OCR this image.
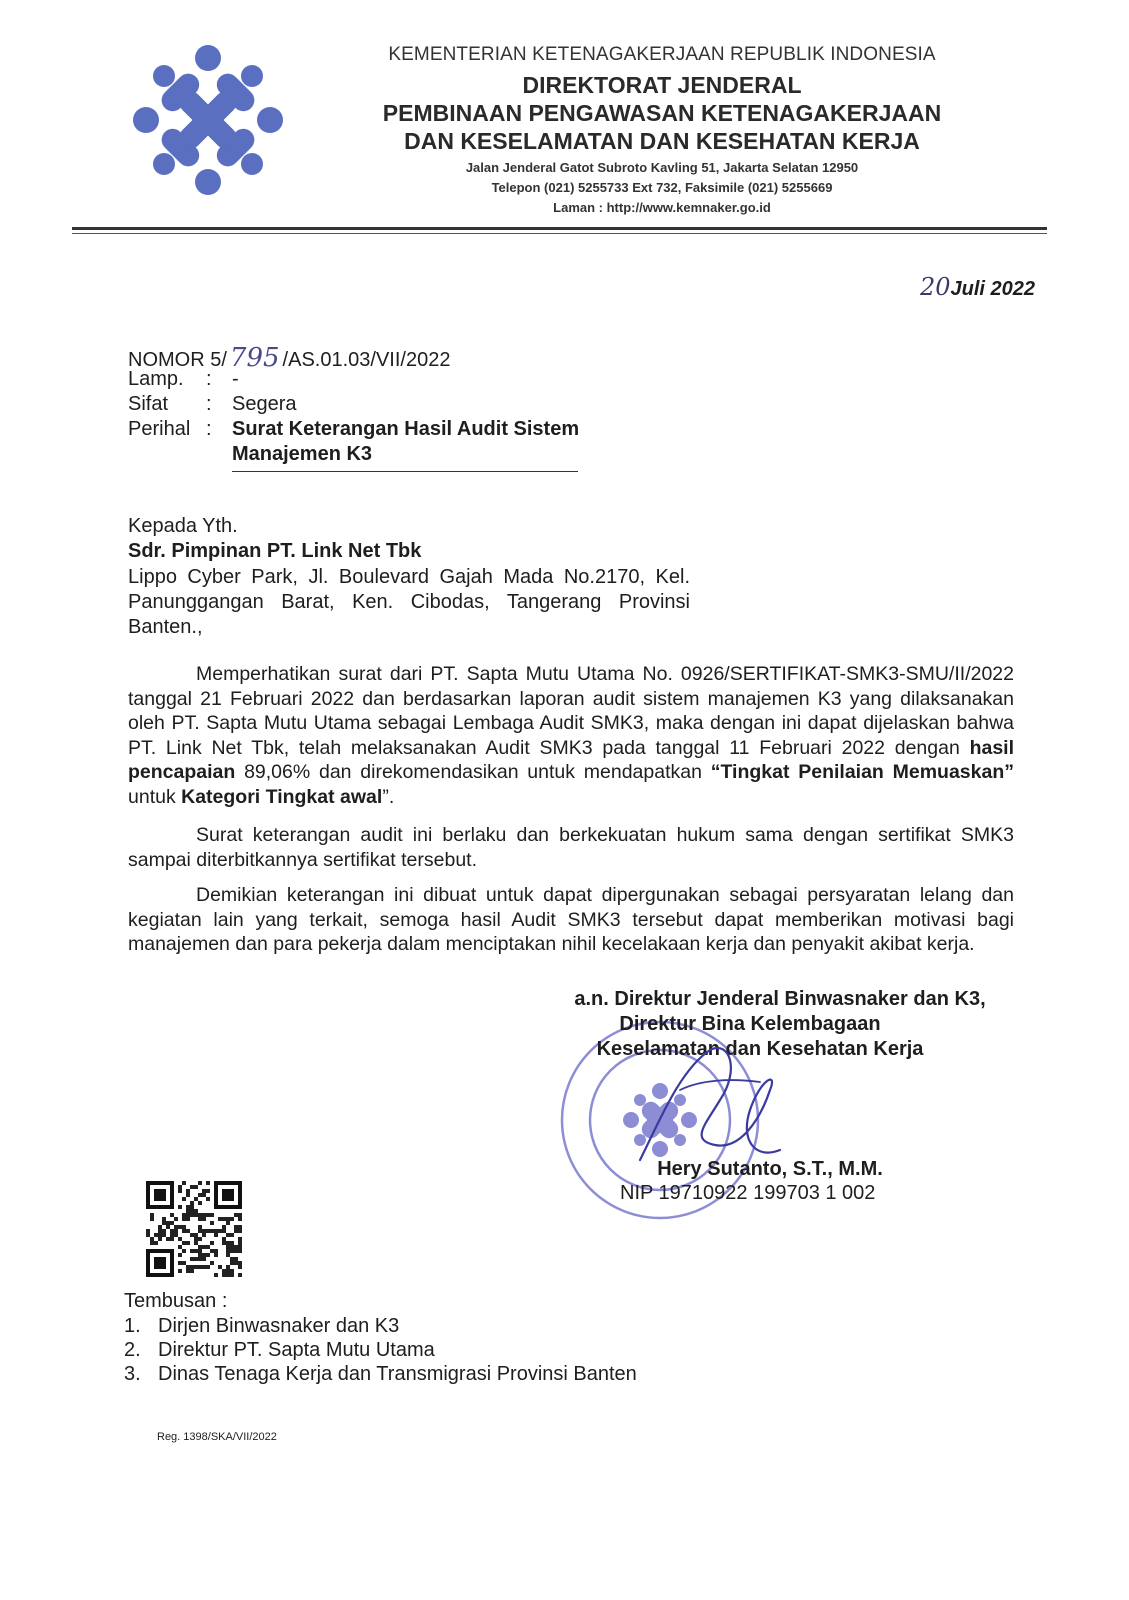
KEMENTERIAN KETENAGAKERJAAN REPUBLIK INDONESIA
DIREKTORAT JENDERAL
PEMBINAAN PENGAWASAN KETENAGAKERJAAN
DAN KESELAMATAN DAN KESEHATAN KERJA
Jalan Jenderal Gatot Subroto Kavling 51, Jakarta Selatan 12950
Telepon (021) 5255733 Ext 732, Faksimile (021) 5255669
Laman : http://www.kemnaker.go.id
20Juli 2022
NOMOR 5/ 795 /AS.01.03/VII/2022
Lamp. : -
Sifat : Segera
Perihal : Surat Keterangan Hasil Audit Sistem
Manajemen K3
Kepada Yth.
Sdr. Pimpinan PT. Link Net Tbk
Lippo Cyber Park, Jl. Boulevard Gajah Mada No.2170, Kel.
Panunggangan Barat, Ken. Cibodas, Tangerang Provinsi
Banten.,

Memperhatikan surat dari PT. Sapta Mutu Utama No. 0926/SERTIFIKAT-SMK3-SMU/II/2022 tanggal 21 Februari 2022 dan berdasarkan laporan audit sistem manajemen K3 yang dilaksanakan oleh PT. Sapta Mutu Utama sebagai Lembaga Audit SMK3, maka dengan ini dapat dijelaskan bahwa PT. Link Net Tbk, telah melaksanakan Audit SMK3 pada tanggal 11 Februari 2022 dengan hasil pencapaian 89,06% dan direkomendasikan untuk mendapatkan “Tingkat Penilaian Memuaskan” untuk Kategori Tingkat awal”.

Surat keterangan audit ini berlaku dan berkekuatan hukum sama dengan sertifikat SMK3 sampai diterbitkannya sertifikat tersebut.

Demikian keterangan ini dibuat untuk dapat dipergunakan sebagai persyaratan lelang dan kegiatan lain yang terkait, semoga hasil Audit SMK3 tersebut dapat memberikan motivasi bagi manajemen dan para pekerja dalam menciptakan nihil kecelakaan kerja dan penyakit akibat kerja.

a.n. Direktur Jenderal Binwasnaker dan K3,
Direktur Bina Kelembagaan
Keselamatan dan Kesehatan Kerja
Hery Sutanto, S.T., M.M.
NIP 19710922 199703 1 002
Tembusan :
1. Dirjen Binwasnaker dan K3
2. Direktur PT. Sapta Mutu Utama
3. Dinas Tenaga Kerja dan Transmigrasi Provinsi Banten
Reg. 1398/SKA/VII/2022
